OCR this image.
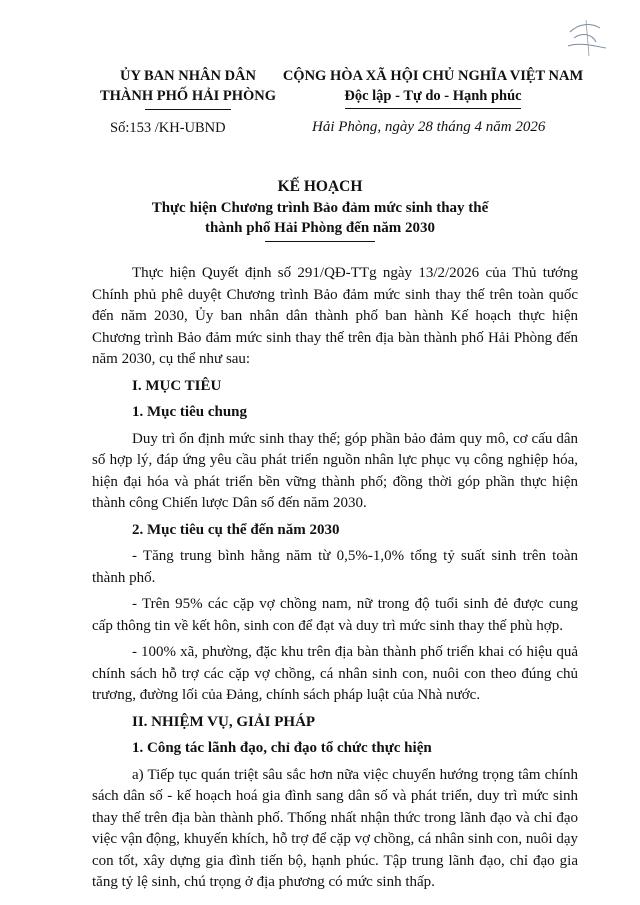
ỦY BAN NHÂN DÂN
THÀNH PHỐ HẢI PHÒNG
CỘNG HÒA XÃ HỘI CHỦ NGHĨA VIỆT NAM
Độc lập - Tự do - Hạnh phúc
Số:153 /KH-UBND	Hải Phòng, ngày 28 tháng 4 năm 2026
KẾ HOẠCH
Thực hiện Chương trình Bảo đảm mức sinh thay thế
thành phố Hải Phòng đến năm 2030

Thực hiện Quyết định số 291/QĐ-TTg ngày 13/2/2026 của Thủ tướng Chính phủ phê duyệt Chương trình Bảo đảm mức sinh thay thế trên toàn quốc đến năm 2030, Ủy ban nhân dân thành phố ban hành Kế hoạch thực hiện Chương trình Bảo đảm mức sinh thay thế trên địa bàn thành phố Hải Phòng đến năm 2030, cụ thể như sau:

I. MỤC TIÊU
1. Mục tiêu chung

Duy trì ổn định mức sinh thay thế; góp phần bảo đảm quy mô, cơ cấu dân số hợp lý, đáp ứng yêu cầu phát triển nguồn nhân lực phục vụ công nghiệp hóa, hiện đại hóa và phát triển bền vững thành phố; đồng thời góp phần thực hiện thành công Chiến lược Dân số đến năm 2030.

2. Mục tiêu cụ thể đến năm 2030

- Tăng trung bình hằng năm từ 0,5%-1,0% tổng tỷ suất sinh trên toàn thành phố.

- Trên 95% các cặp vợ chồng nam, nữ trong độ tuổi sinh đẻ được cung cấp thông tin về kết hôn, sinh con để đạt và duy trì mức sinh thay thế phù hợp.

- 100% xã, phường, đặc khu trên địa bàn thành phố triển khai có hiệu quả chính sách hỗ trợ các cặp vợ chồng, cá nhân sinh con, nuôi con theo đúng chủ trương, đường lối của Đảng, chính sách pháp luật của Nhà nước.

II. NHIỆM VỤ, GIẢI PHÁP
1. Công tác lãnh đạo, chỉ đạo tổ chức thực hiện

a) Tiếp tục quán triệt sâu sắc hơn nữa việc chuyển hướng trọng tâm chính sách dân số - kế hoạch hoá gia đình sang dân số và phát triển, duy trì mức sinh thay thế trên địa bàn thành phố. Thống nhất nhận thức trong lãnh đạo và chỉ đạo việc vận động, khuyến khích, hỗ trợ để cặp vợ chồng, cá nhân sinh con, nuôi dạy con tốt, xây dựng gia đình tiến bộ, hạnh phúc. Tập trung lãnh đạo, chỉ đạo gia tăng tỷ lệ sinh, chú trọng ở địa phương có mức sinh thấp.
